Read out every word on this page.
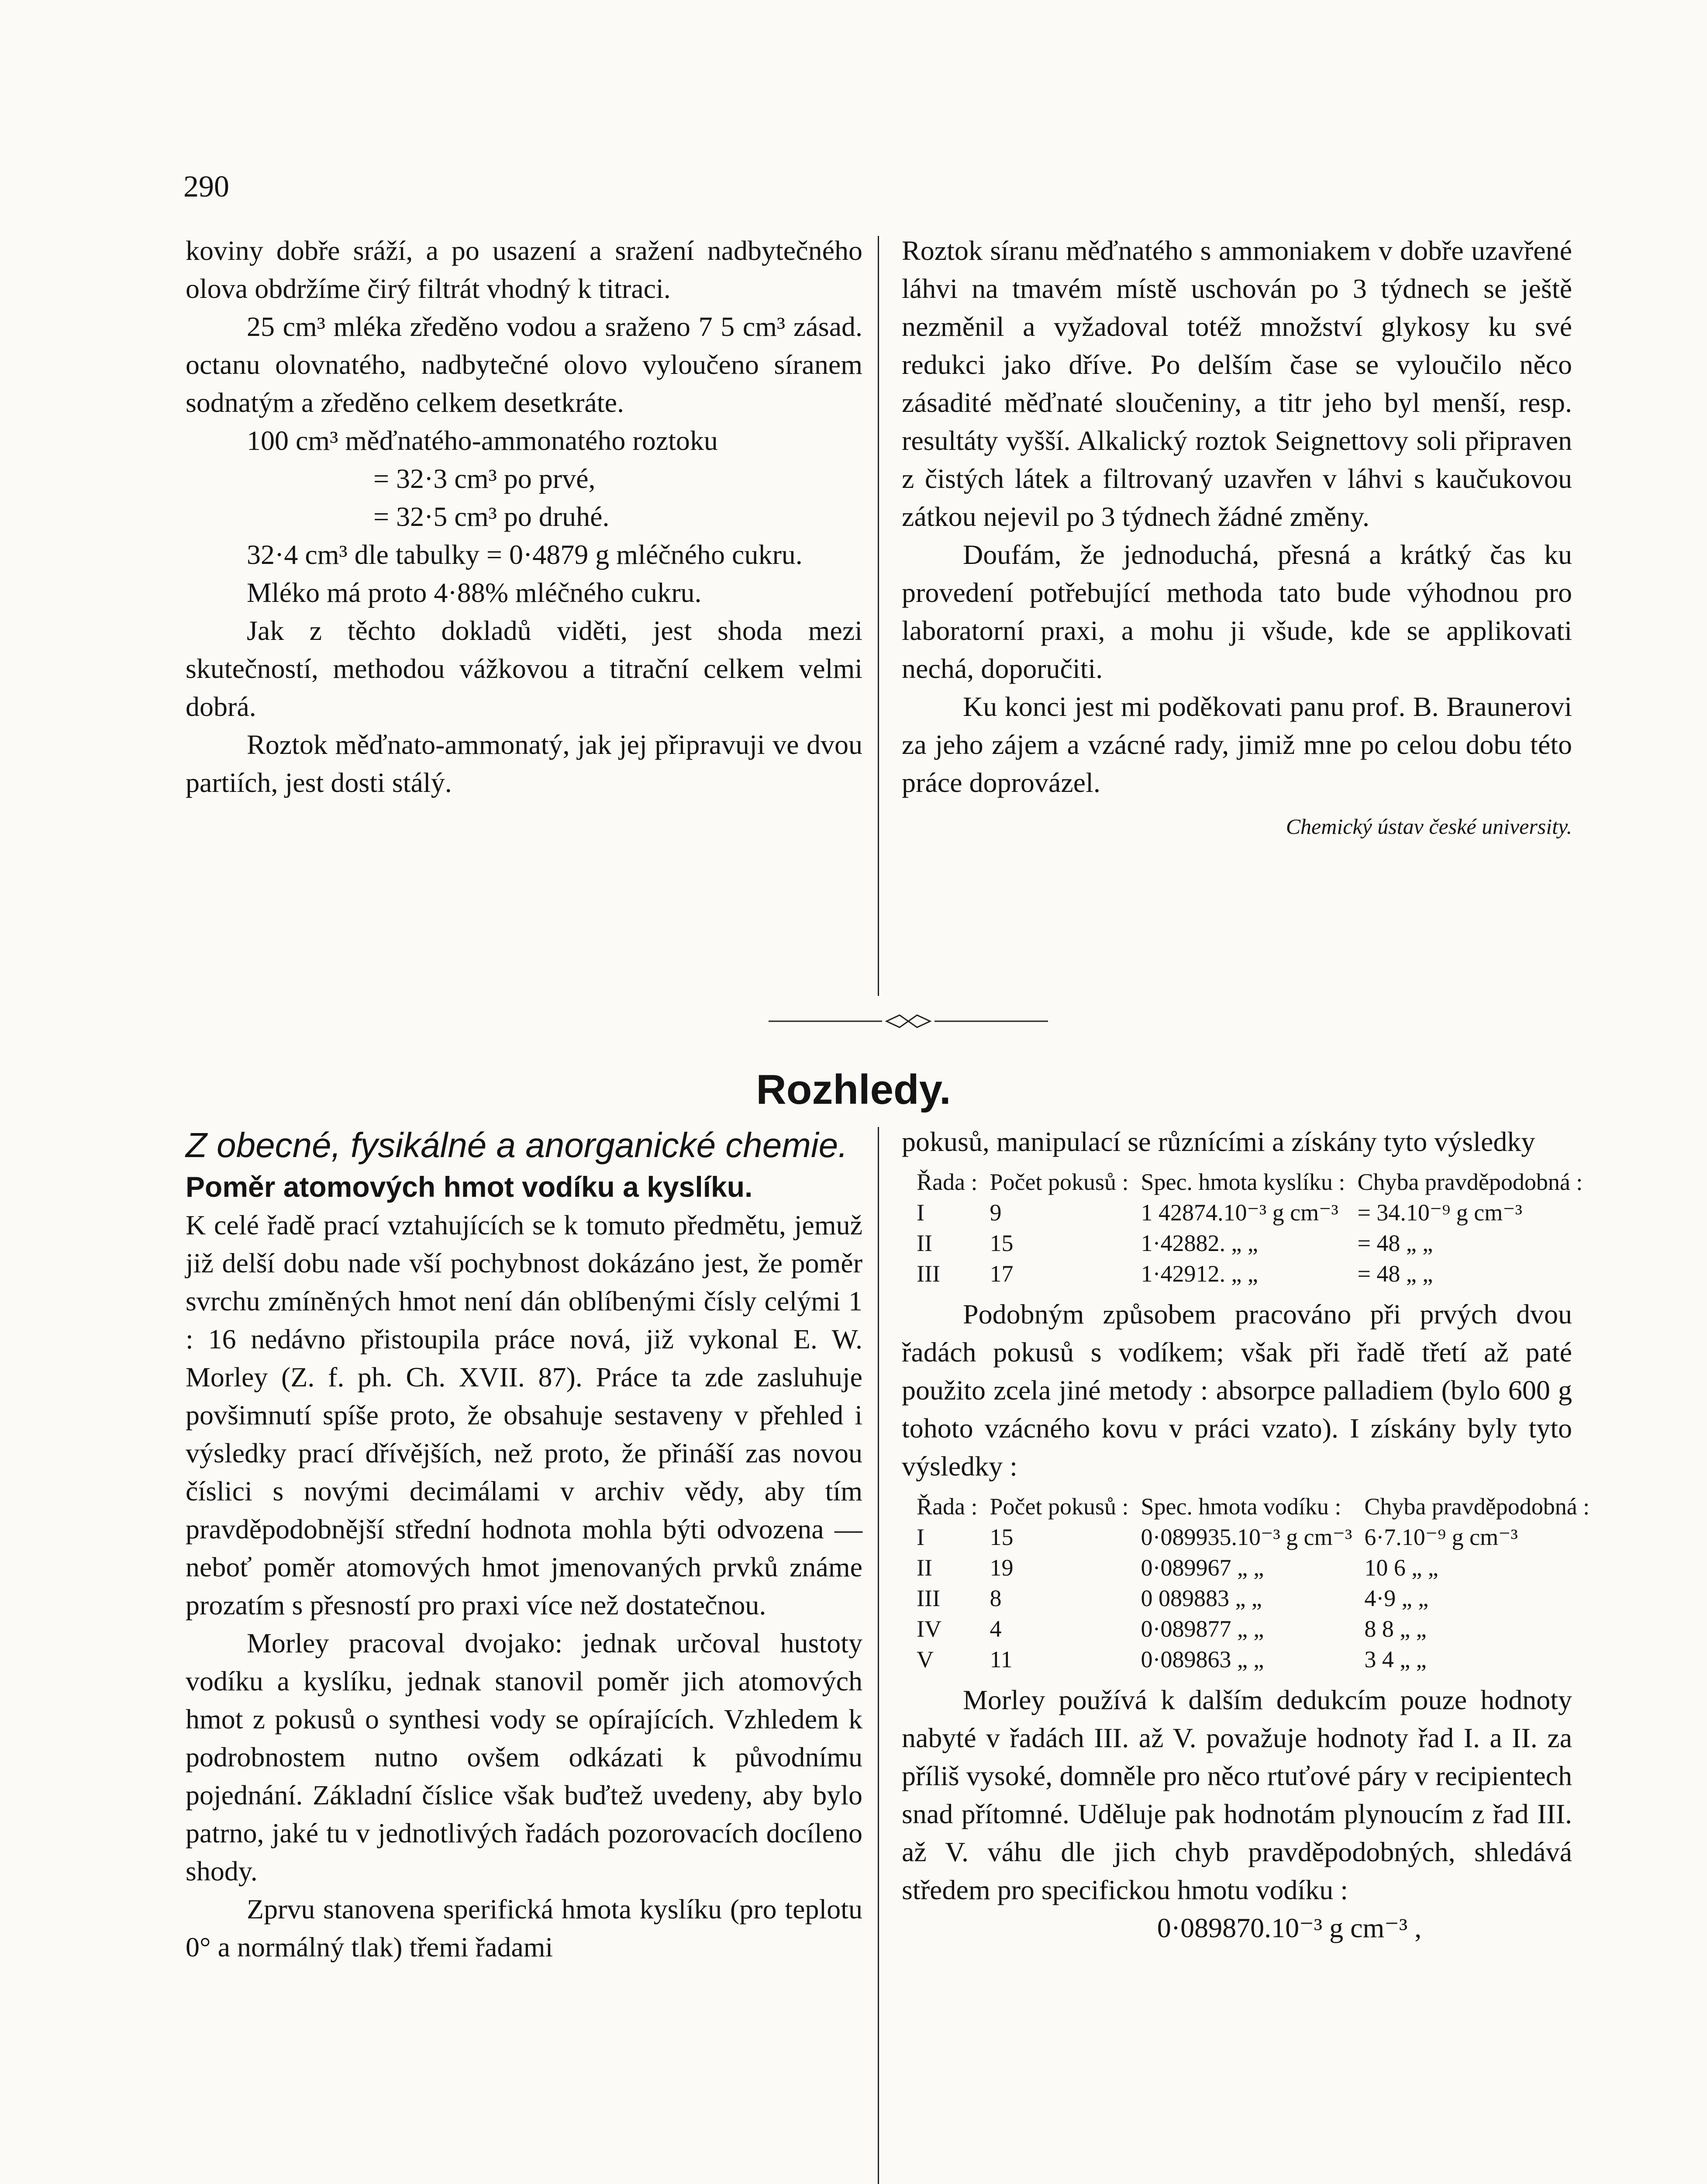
290

koviny dobře sráží, a po usazení a sražení nadbytečného olova obdržíme čirý filtrát vhodný k titraci.

25 cm³ mléka zředěno vodou a sraženo 7 5 cm³ zásad. octanu olovnatého, nadbytečné olovo vyloučeno síranem sodnatým a zředěno celkem desetkráte.

100 cm³ měďnatého-ammonatého roztoku

= 32·3 cm³ po prvé,

= 32·5 cm³ po druhé.

32·4 cm³ dle tabulky = 0·4879 g mléčného cukru.

Mléko má proto 4·88% mléčného cukru.

Jak z těchto dokladů viděti, jest shoda mezi skutečností, methodou vážkovou a titrační celkem velmi dobrá.

Roztok měďnato-ammonatý, jak jej připravuji ve dvou partiích, jest dosti stálý.

Roztok síranu měďnatého s ammoniakem v dobře uzavřené láhvi na tmavém místě uschován po 3 týdnech se ještě nezměnil a vyžadoval totéž množství glykosy ku své redukci jako dříve. Po delším čase se vyloučilo něco zásadité měďnaté sloučeniny, a titr jeho byl menší, resp. resultáty vyšší. Alkalický roztok Seignettovy soli připraven z čistých látek a filtrovaný uzavřen v láhvi s kaučukovou zátkou nejevil po 3 týdnech žádné změny.

Doufám, že jednoduchá, přesná a krátký čas ku provedení potřebující methoda tato bude výhodnou pro laboratorní praxi, a mohu ji všude, kde se applikovati nechá, doporučiti.

Ku konci jest mi poděkovati panu prof. B. Braunerovi za jeho zájem a vzácné rady, jimiž mne po celou dobu této práce doprovázel.

Chemický ústav české university.

Rozhledy.

Z obecné, fysikálné a anorganické chemie.

Poměr atomových hmot vodíku a kyslíku.

K celé řadě prací vztahujících se k tomuto předmětu, jemuž již delší dobu nade vší pochybnost dokázáno jest, že poměr svrchu zmíněných hmot není dán oblíbenými čísly celými 1 : 16 nedávno přistoupila práce nová, již vykonal E. W. Morley (Z. f. ph. Ch. XVII. 87). Práce ta zde zasluhuje povšimnutí spíše proto, že obsahuje sestaveny v přehled i výsledky prací dřívějších, než proto, že přináší zas novou číslici s novými decimálami v archiv vědy, aby tím pravděpodobnější střední hodnota mohla býti odvozena — neboť poměr atomových hmot jmenovaných prvků známe prozatím s přesností pro praxi více než dostatečnou.

Morley pracoval dvojako: jednak určoval hustoty vodíku a kyslíku, jednak stanovil poměr jich atomových hmot z pokusů o synthesi vody se opírajících. Vzhledem k podrobnostem nutno ovšem odkázati k původnímu pojednání. Základní číslice však buďtež uvedeny, aby bylo patrno, jaké tu v jednotlivých řadách pozorovacích docíleno shody.

Zprvu stanovena sperifická hmota kyslíku (pro teplotu 0° a normálný tlak) třemi řadami

pokusů, manipulací se různícími a získány tyto výsledky

Řada :	Počet pokusů :	Spec. hmota kyslíku :	Chyba pravděpodobná :
I	9	1 42874.10⁻³ g cm⁻³	= 34.10⁻⁹ g cm⁻³
II	15	1·42882. „ „	= 48 „ „
III	17	1·42912. „ „	= 48 „ „

Podobným způsobem pracováno při prvých dvou řadách pokusů s vodíkem; však při řadě třetí až paté použito zcela jiné metody : absorpce palladiem (bylo 600 g tohoto vzácného kovu v práci vzato). I získány byly tyto výsledky :

Řada :	Počet pokusů :	Spec. hmota vodíku :	Chyba pravděpodobná :
I	15	0·089935.10⁻³ g cm⁻³	6·7.10⁻⁹ g cm⁻³
II	19	0·089967 „ „	10 6 „ „
III	8	0 089883 „ „	4·9 „ „
IV	4	0·089877 „ „	8 8 „ „
V	11	0·089863 „ „	3 4 „ „

Morley používá k dalším dedukcím pouze hodnoty nabyté v řadách III. až V. považuje hodnoty řad I. a II. za příliš vysoké, domněle pro něco rtuťové páry v recipientech snad přítomné. Uděluje pak hodnotám plynoucím z řad III. až V. váhu dle jich chyb pravděpodobných, shledává středem pro specifickou hmotu vodíku :

0·089870.10⁻³ g cm⁻³ ,
